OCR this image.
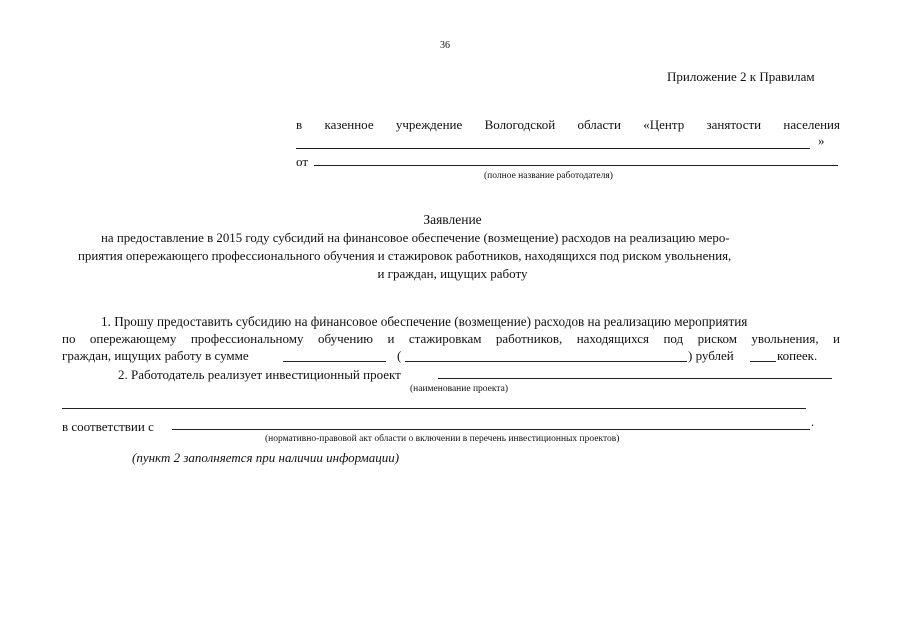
36
Приложение 2 к Правилам
в казенное учреждение Вологодской области «Центр занятости населения
»
от
(полное название работодателя)
Заявление
на предоставление в 2015 году субсидий на финансовое обеспечение (возмещение) расходов на реализацию меро-
приятия опережающего профессионального обучения и стажировок работников, находящихся под риском увольнения,
и граждан, ищущих работу
1. Прошу предоставить субсидию на финансовое обеспечение (возмещение) расходов на реализацию мероприятия
по опережающему профессиональному обучению и стажировкам работников, находящихся под риском увольнения, и
граждан, ищущих работу в сумме	(	) рублей	копеек.
2. Работодатель реализует инвестиционный проект
(наименование проекта)
в соответствии с	.
(нормативно-правовой акт области о включении в перечень инвестиционных проектов)
(пункт 2 заполняется при наличии информации)
